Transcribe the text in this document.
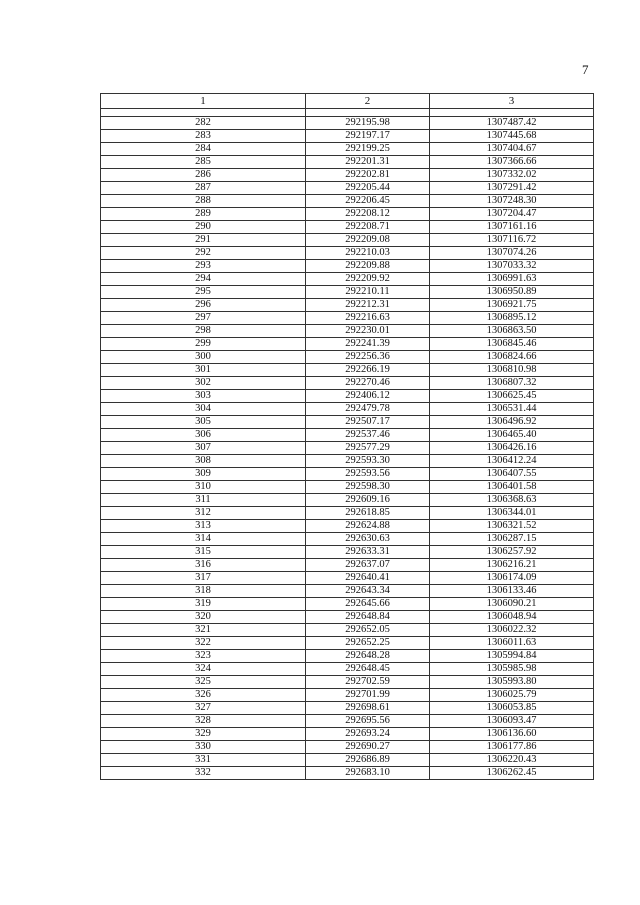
7
1	2	3

282	292195.98	1307487.42
283	292197.17	1307445.68
284	292199.25	1307404.67
285	292201.31	1307366.66
286	292202.81	1307332.02
287	292205.44	1307291.42
288	292206.45	1307248.30
289	292208.12	1307204.47
290	292208.71	1307161.16
291	292209.08	1307116.72
292	292210.03	1307074.26
293	292209.88	1307033.32
294	292209.92	1306991.63
295	292210.11	1306950.89
296	292212.31	1306921.75
297	292216.63	1306895.12
298	292230.01	1306863.50
299	292241.39	1306845.46
300	292256.36	1306824.66
301	292266.19	1306810.98
302	292270.46	1306807.32
303	292406.12	1306625.45
304	292479.78	1306531.44
305	292507.17	1306496.92
306	292537.46	1306465.40
307	292577.29	1306426.16
308	292593.30	1306412.24
309	292593.56	1306407.55
310	292598.30	1306401.58
311	292609.16	1306368.63
312	292618.85	1306344.01
313	292624.88	1306321.52
314	292630.63	1306287.15
315	292633.31	1306257.92
316	292637.07	1306216.21
317	292640.41	1306174.09
318	292643.34	1306133.46
319	292645.66	1306090.21
320	292648.84	1306048.94
321	292652.05	1306022.32
322	292652.25	1306011.63
323	292648.28	1305994.84
324	292648.45	1305985.98
325	292702.59	1305993.80
326	292701.99	1306025.79
327	292698.61	1306053.85
328	292695.56	1306093.47
329	292693.24	1306136.60
330	292690.27	1306177.86
331	292686.89	1306220.43
332	292683.10	1306262.45
